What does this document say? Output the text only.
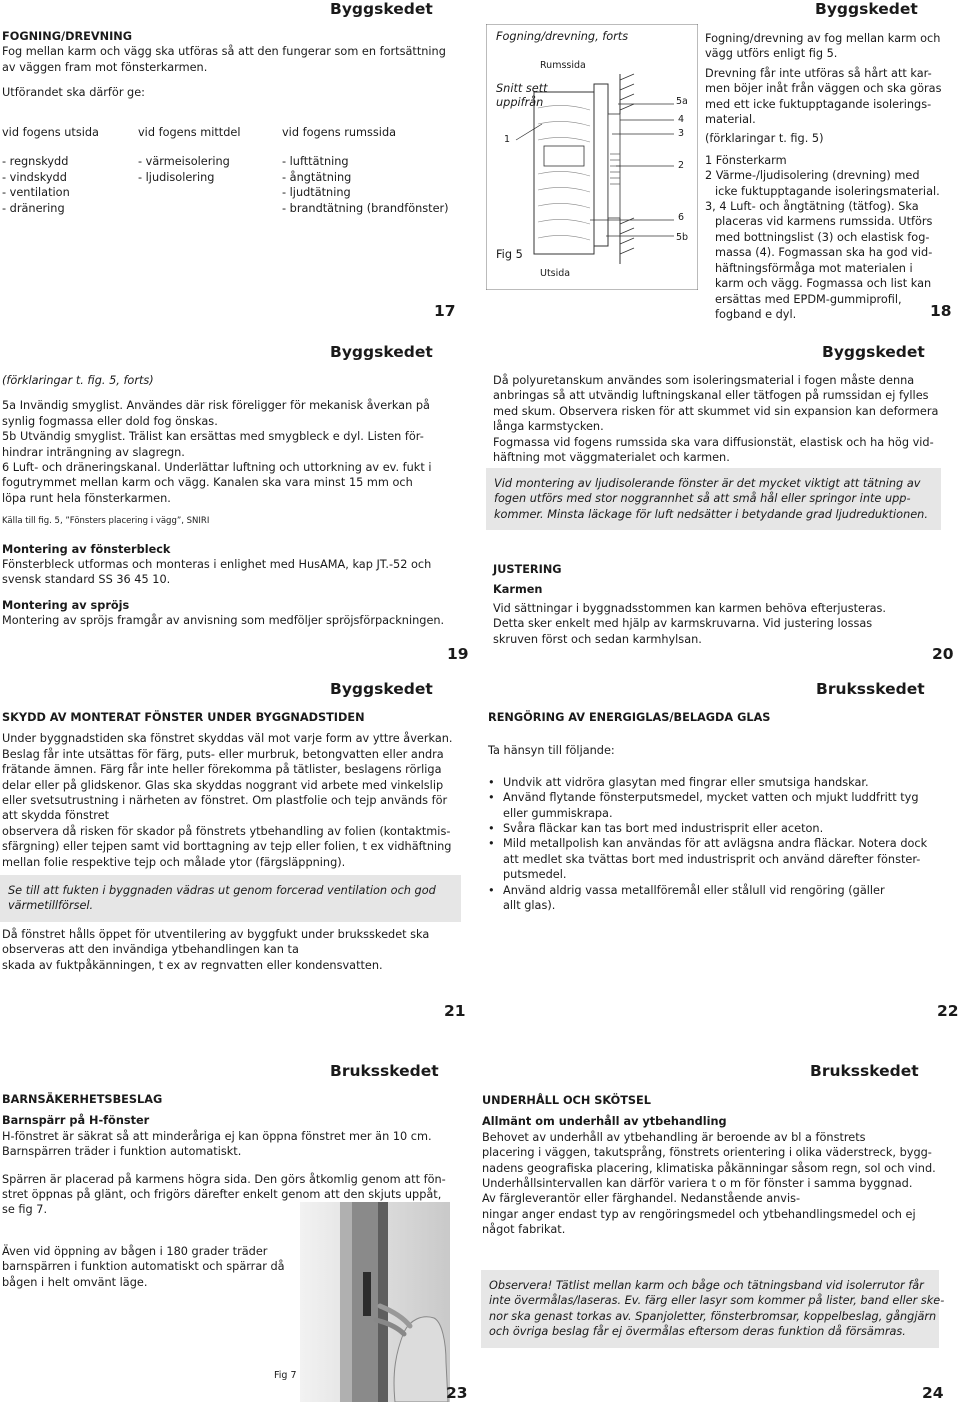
Byggskedet
FOGNING/DREVNING
Fog mellan karm och vägg ska utföras så att den fungerar som en fortsättning
av väggen fram mot fönsterkarmen.
Utförandet ska därför ge:
vid fogens utsida
- regnskydd
- vindskydd
- ventilation
- dränering
vid fogens mittdel
- värmeisolering
- ljudisolering
vid fogens rumssida
- lufttätning
- ångtätning
- ljudtätning
- brandtätning (brandfönster)
17
Byggskedet
Fogning/drevning, forts
Rumssida
Snitt sett
uppifrån
1
5a
4
3
2
6
5b
Fig 5
Utsida
Fogning/drevning av fog mellan karm och
vägg utförs enligt fig 5.
Drevning får inte utföras så hårt att kar-
men böjer inåt från väggen och ska göras
med ett icke fuktupptagande isolerings-
material.
(förklaringar t. fig. 5)
1 Fönsterkarm
2 Värme-/ljudisolering (drevning) med
icke fuktupptagande isoleringsmaterial.
3, 4 Luft- och ångtätning (tätfog). Ska
placeras vid karmens rumssida. Utförs
med bottningslist (3) och elastisk fog-
massa (4). Fogmassan ska ha god vid-
häftningsförmåga mot materialen i
karm och vägg. Fogmassa och list kan
ersättas med EPDM-gummiprofil,
fogband e dyl.	18
Byggskedet
(förklaringar t. fig. 5, forts)
5a Invändig smyglist. Användes där risk föreligger för mekanisk åverkan på
synlig fogmassa eller dold fog önskas.
5b Utvändig smyglist. Trälist kan ersättas med smygbleck e dyl. Listen för-
hindrar inträngning av slagregn.
6 Luft- och dräneringskanal. Underlättar luftning och uttorkning av ev. fukt i
fogutrymmet mellan karm och vägg. Kanalen ska vara minst 15 mm och
löpa runt hela fönsterkarmen.
Källa till fig. 5, ”Fönsters placering i vägg”, SNIRI
Montering av fönsterbleck
Fönsterbleck utformas och monteras i enlighet med HusAMA, kap JT.-52 och
svensk standard SS 36 45 10.
Montering av spröjs
Montering av spröjs framgår av anvisning som medföljer spröjsförpackningen.
19
Byggskedet
Då polyuretanskum användes som isoleringsmaterial i fogen måste denna
anbringas så att utvändig luftningskanal eller tätfogen på rumssidan ej fylles
med skum. Observera risken för att skummet vid sin expansion kan deformera
långa karmstycken.
Fogmassa vid fogens rumssida ska vara diffusionstät, elastisk och ha hög vid-
häftning mot väggmaterialet och karmen.
Vid montering av ljudisolerande fönster är det mycket viktigt att tätning av
fogen utförs med stor noggrannhet så att små hål eller springor inte upp-
kommer. Minsta läckage för luft nedsätter i betydande grad ljudreduktionen.
JUSTERING
Karmen
Vid sättningar i byggnadsstommen kan karmen behöva efterjusteras.
Detta sker enkelt med hjälp av karmskruvarna. Vid justering lossas
skruven först och sedan karmhylsan.
20
Byggskedet
SKYDD AV MONTERAT FÖNSTER UNDER BYGGNADSTIDEN
Under byggnadstiden ska fönstret skyddas väl mot varje form av yttre åverkan.
Beslag får inte utsättas för färg, puts- eller murbruk, betongvatten eller andra
frätande ämnen. Färg får inte heller förekomma på tätlister, beslagens rörliga
delar eller på glidskenor. Glas ska skyddas noggrant vid arbete med vinkelslip
eller svetsutrustning i närheten av fönstret. Om plastfolie och tejp används för
att skydda fönstret
observera då risken för skador på fönstrets ytbehandling av folien (kontaktmis-
sfärgning) eller tejpen samt vid borttagning av tejp eller folien, t ex vidhäftning
mellan folie respektive tejp och målade ytor (färgsläppning).
Se till att fukten i byggnaden vädras ut genom forcerad ventilation och god
värmetillförsel.
Då fönstret hålls öppet för utventilering av byggfukt under bruksskedet ska
observeras att den invändiga ytbehandlingen kan ta
skada av fuktpåkänningen, t ex av regnvatten eller kondensvatten.
21
Bruksskedet
RENGÖRING AV ENERGIGLAS/BELAGDA GLAS
Ta hänsyn till följande:
• Undvik att vidröra glasytan med fingrar eller smutsiga handskar.
• Använd flytande fönsterputsmedel, mycket vatten och mjukt luddfritt tyg
eller gummiskrapa.
• Svåra fläckar kan tas bort med industrisprit eller aceton.
• Mild metallpolish kan användas för att avlägsna andra fläckar. Notera dock
att medlet ska tvättas bort med industrisprit och använd därefter fönster-
putsmedel.
• Använd aldrig vassa metallföremål eller stålull vid rengöring (gäller
allt glas).
22
Bruksskedet
BARNSÄKERHETSBESLAG
Barnspärr på H-fönster
H-fönstret är säkrat så att minderåriga ej kan öppna fönstret mer än 10 cm.
Barnspärren träder i funktion automatiskt.
Spärren är placerad på karmens högra sida. Den görs åtkomlig genom att fön-
stret öppnas på glänt, och frigörs därefter enkelt genom att den skjuts uppåt,
se fig 7.
Även vid öppning av bågen i 180 grader träder
barnspärren i funktion automatiskt och spärrar då
bågen i helt omvänt läge.
Fig 7
23
Bruksskedet
UNDERHÅLL OCH SKÖTSEL
Allmänt om underhåll av ytbehandling
Behovet av underhåll av ytbehandling är beroende av bl a fönstrets
placering i väggen, takutsprång, fönstrets orientering i olika väderstreck, bygg-
nadens geografiska placering, klimatiska påkänningar såsom regn, sol och vind.
Underhållsintervallen kan därför variera t o m för fönster i samma byggnad.
Av färgleverantör eller färghandel. Nedanstående anvis-
ningar anger endast typ av rengöringsmedel och ytbehandlingsmedel och ej
något fabrikat.
Observera! Tätlist mellan karm och båge och tätningsband vid isolerrutor får
inte övermålas/laseras. Ev. färg eller lasyr som kommer på lister, band eller ske-
nor ska genast torkas av. Spanjoletter, fönsterbromsar, koppelbeslag, gångjärn
och övriga beslag får ej övermålas eftersom deras funktion då försämras.
24
